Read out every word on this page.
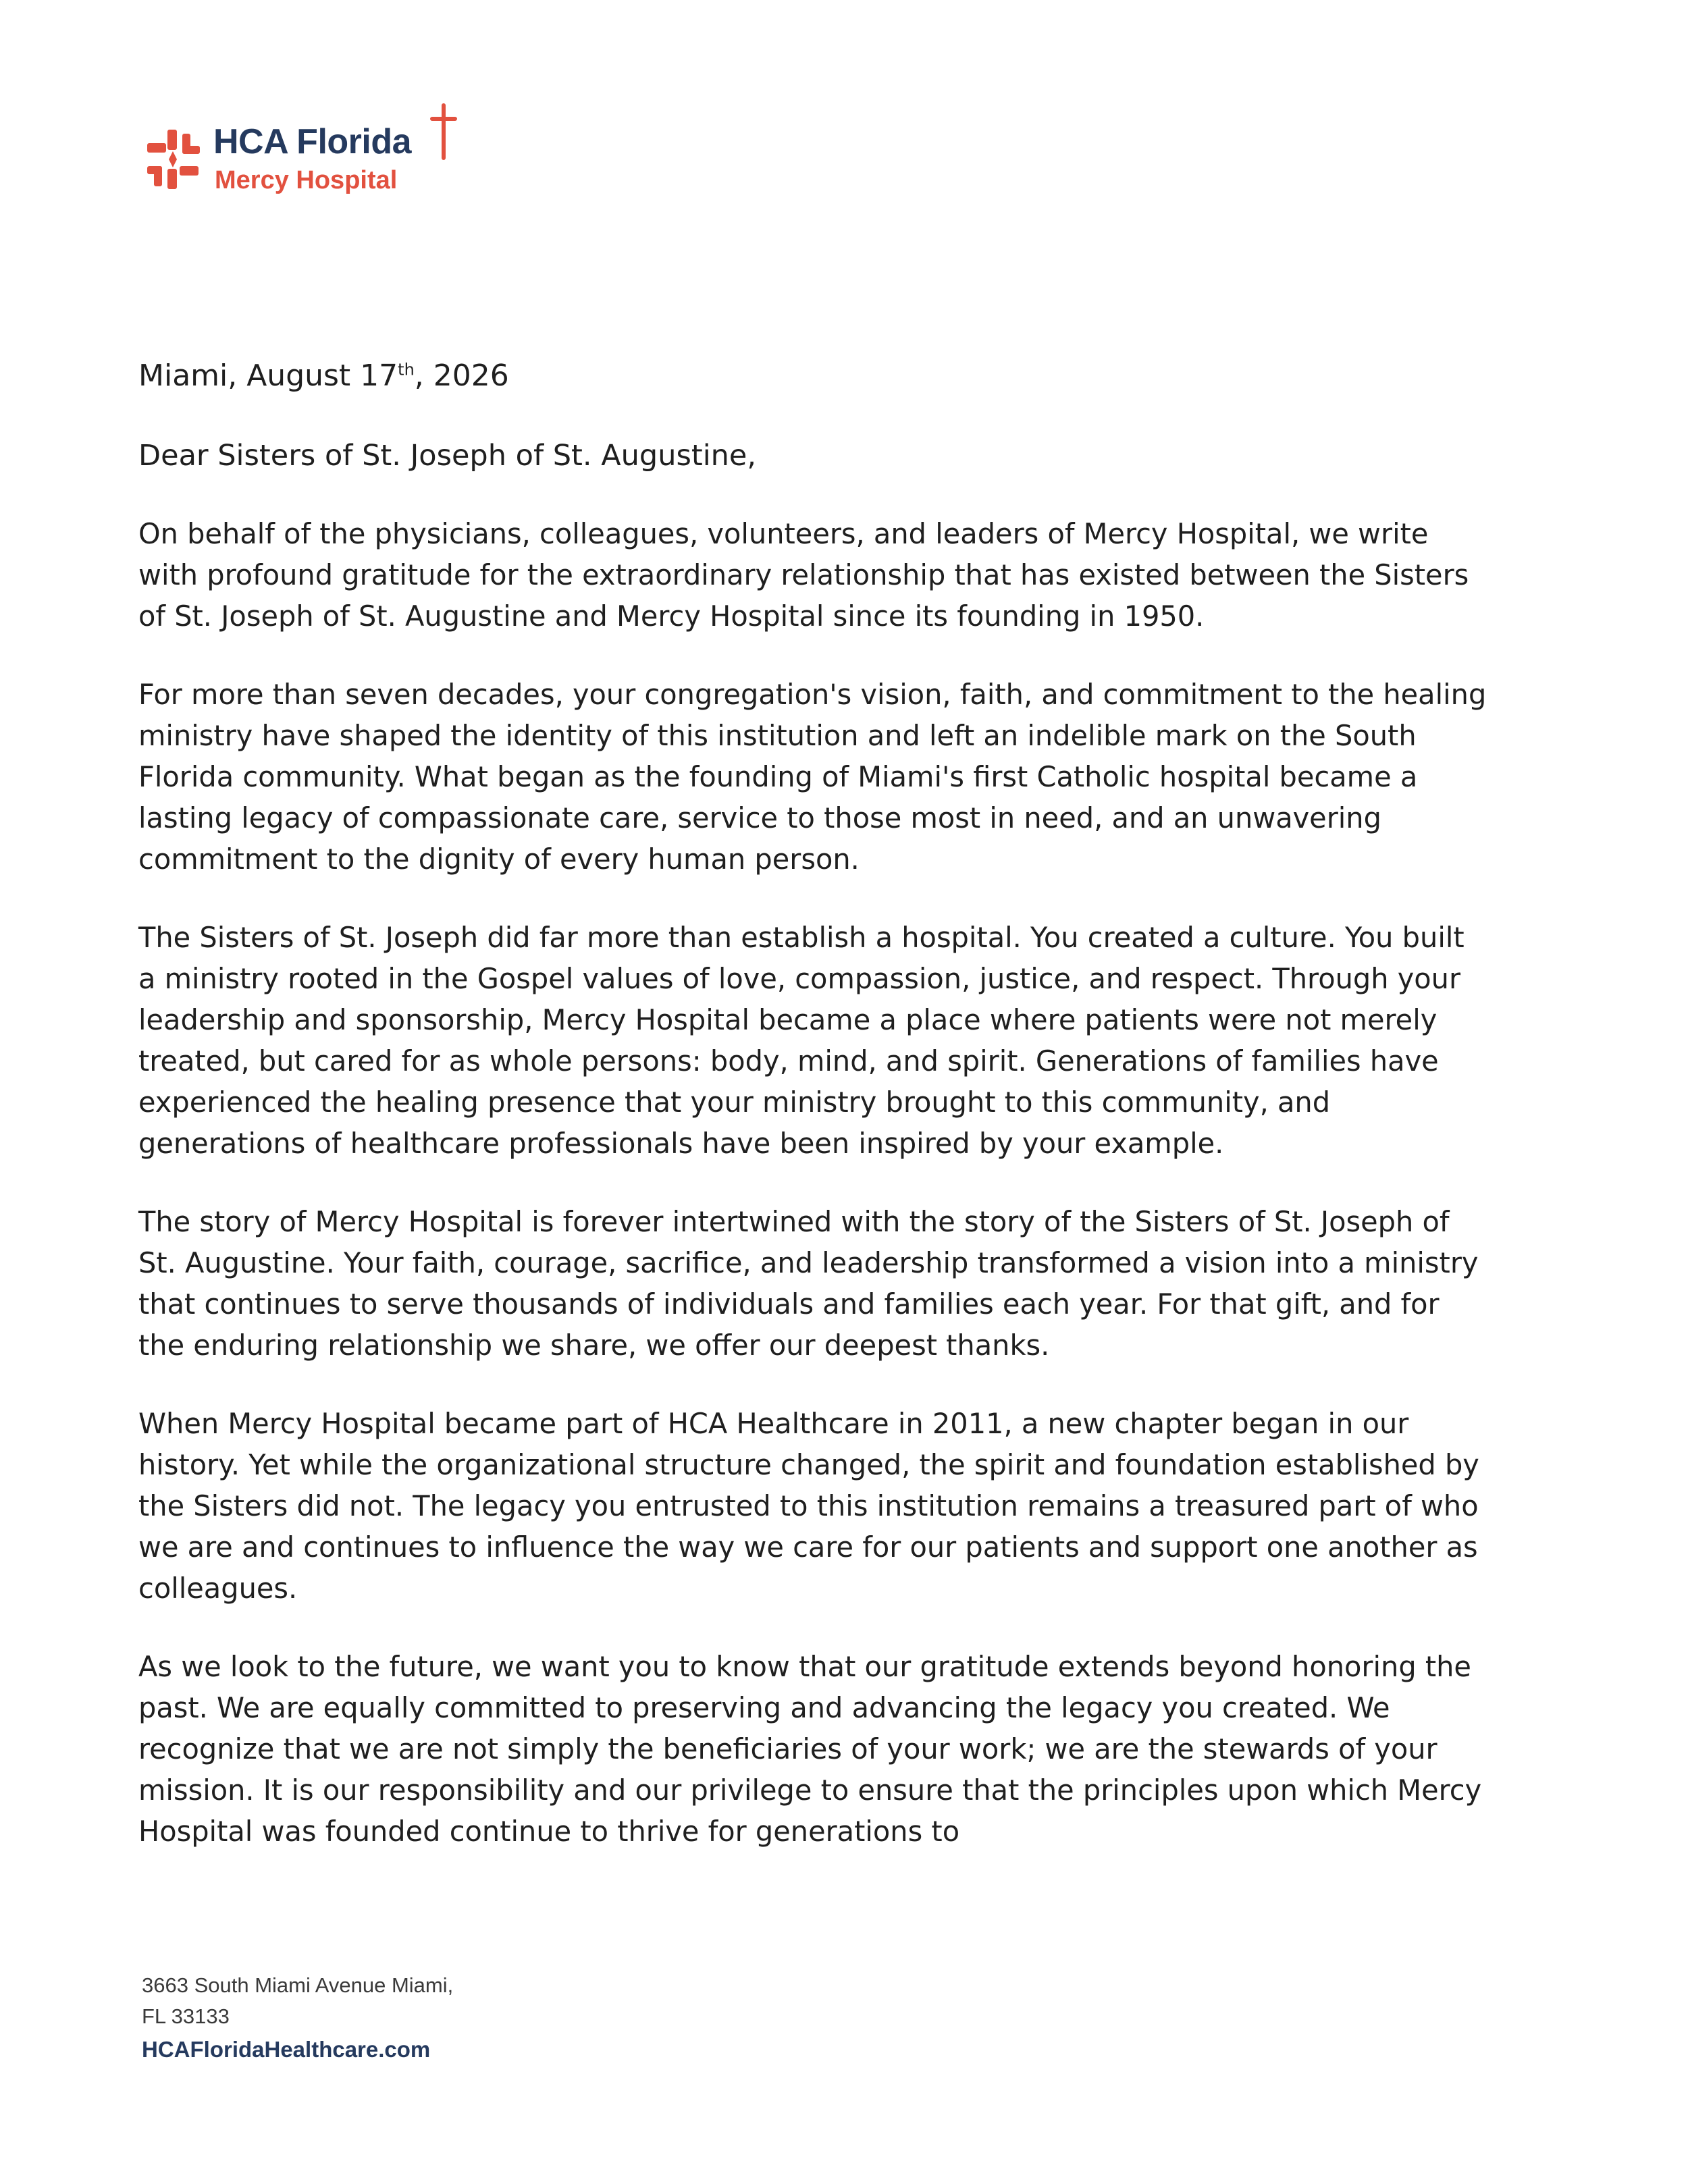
HCA Florida
Mercy Hospital

Miami, August 17th, 2026

Dear Sisters of St. Joseph of St. Augustine,

On behalf of the physicians, colleagues, volunteers, and leaders of Mercy Hospital, we write with profound gratitude for the extraordinary relationship that has existed between the Sisters of St. Joseph of St. Augustine and Mercy Hospital since its founding in 1950.

For more than seven decades, your congregation's vision, faith, and commitment to the healing ministry have shaped the identity of this institution and left an indelible mark on the South Florida community. What began as the founding of Miami's first Catholic hospital became a lasting legacy of compassionate care, service to those most in need, and an unwavering commitment to the dignity of every human person.

The Sisters of St. Joseph did far more than establish a hospital. You created a culture. You built a ministry rooted in the Gospel values of love, compassion, justice, and respect. Through your leadership and sponsorship, Mercy Hospital became a place where patients were not merely treated, but cared for as whole persons: body, mind, and spirit. Generations of families have experienced the healing presence that your ministry brought to this community, and generations of healthcare professionals have been inspired by your example.

The story of Mercy Hospital is forever intertwined with the story of the Sisters of St. Joseph of St. Augustine. Your faith, courage, sacrifice, and leadership transformed a vision into a ministry that continues to serve thousands of individuals and families each year. For that gift, and for the enduring relationship we share, we offer our deepest thanks.

When Mercy Hospital became part of HCA Healthcare in 2011, a new chapter began in our history. Yet while the organizational structure changed, the spirit and foundation established by the Sisters did not. The legacy you entrusted to this institution remains a treasured part of who we are and continues to influence the way we care for our patients and support one another as colleagues.

As we look to the future, we want you to know that our gratitude extends beyond honoring the past. We are equally committed to preserving and advancing the legacy you created. We recognize that we are not simply the beneficiaries of your work; we are the stewards of your mission. It is our responsibility and our privilege to ensure that the principles upon which Mercy Hospital was founded continue to thrive for generations to

3663 South Miami Avenue Miami,
FL 33133
HCAFloridaHealthcare.com
